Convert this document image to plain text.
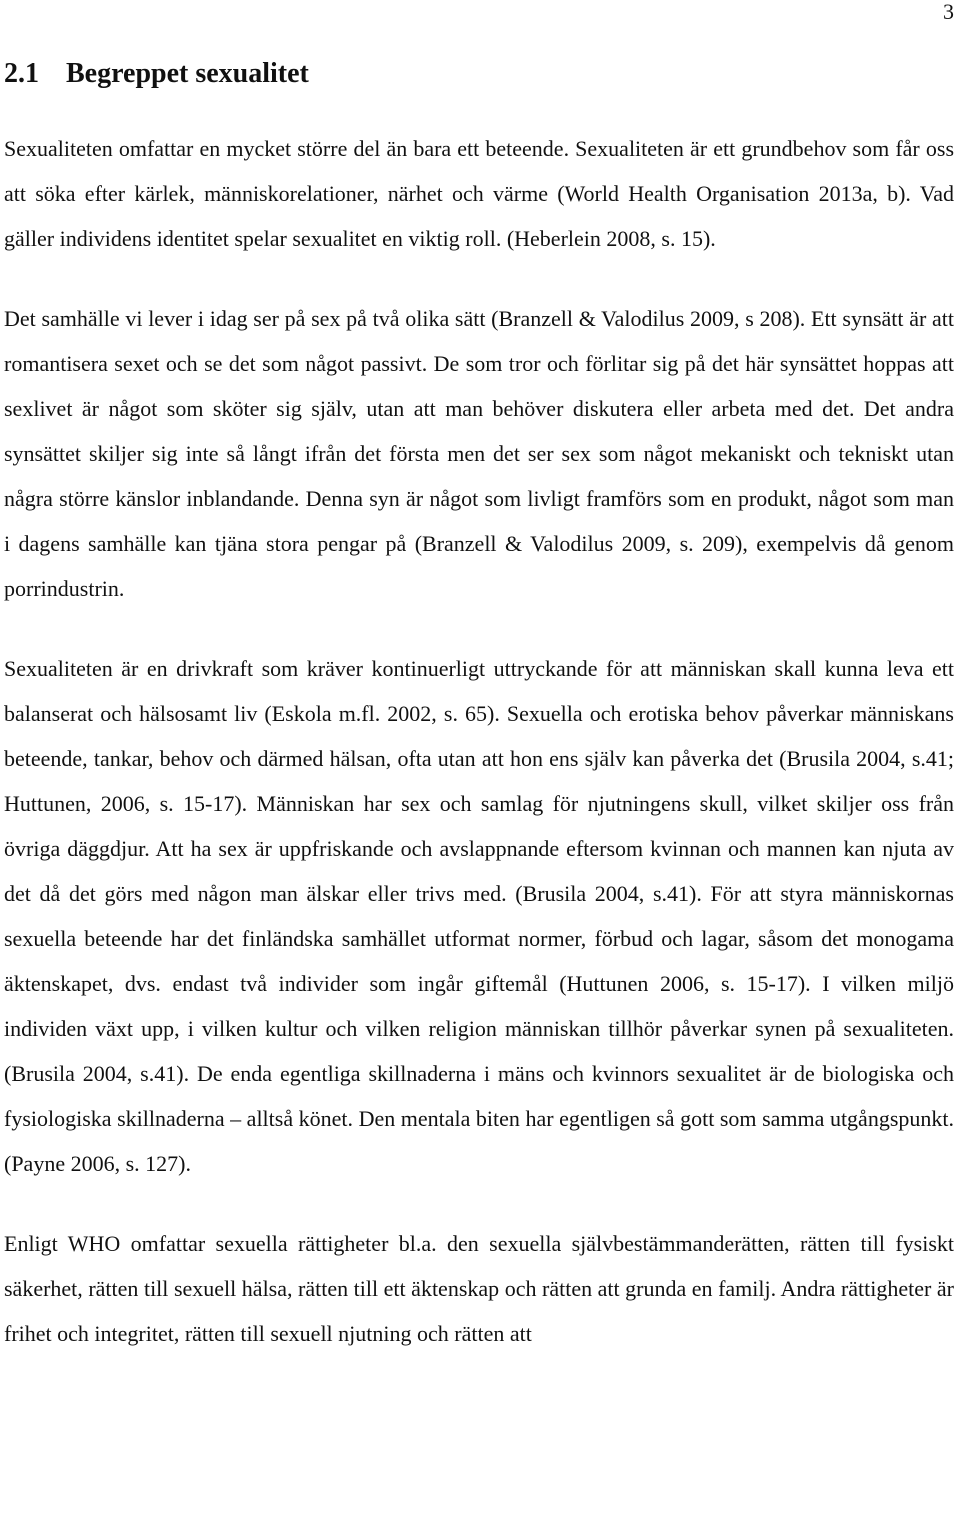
3
2.1 Begreppet sexualitet

Sexualiteten omfattar en mycket större del än bara ett beteende. Sexualiteten är ett grundbehov som får oss att söka efter kärlek, människorelationer, närhet och värme (World Health Organisation 2013a, b). Vad gäller individens identitet spelar sexualitet en viktig roll. (Heberlein 2008, s. 15).

Det samhälle vi lever i idag ser på sex på två olika sätt (Branzell & Valodilus 2009, s 208). Ett synsätt är att romantisera sexet och se det som något passivt. De som tror och förlitar sig på det här synsättet hoppas att sexlivet är något som sköter sig själv, utan att man behöver diskutera eller arbeta med det. Det andra synsättet skiljer sig inte så långt ifrån det första men det ser sex som något mekaniskt och tekniskt utan några större känslor inblandande. Denna syn är något som livligt framförs som en produkt, något som man i dagens samhälle kan tjäna stora pengar på (Branzell & Valodilus 2009, s. 209), exempelvis då genom porrindustrin.

Sexualiteten är en drivkraft som kräver kontinuerligt uttryckande för att människan skall kunna leva ett balanserat och hälsosamt liv (Eskola m.fl. 2002, s. 65). Sexuella och erotiska behov påverkar människans beteende, tankar, behov och därmed hälsan, ofta utan att hon ens själv kan påverka det (Brusila 2004, s.41; Huttunen, 2006, s. 15-17). Människan har sex och samlag för njutningens skull, vilket skiljer oss från övriga däggdjur. Att ha sex är uppfriskande och avslappnande eftersom kvinnan och mannen kan njuta av det då det görs med någon man älskar eller trivs med. (Brusila 2004, s.41). För att styra människornas sexuella beteende har det finländska samhället utformat normer, förbud och lagar, såsom det monogama äktenskapet, dvs. endast två individer som ingår giftemål (Huttunen 2006, s. 15-17). I vilken miljö individen växt upp, i vilken kultur och vilken religion människan tillhör påverkar synen på sexualiteten. (Brusila 2004, s.41). De enda egentliga skillnaderna i mäns och kvinnors sexualitet är de biologiska och fysiologiska skillnaderna – alltså könet. Den mentala biten har egentligen så gott som samma utgångspunkt. (Payne 2006, s. 127).

Enligt WHO omfattar sexuella rättigheter bl.a. den sexuella självbestämmanderätten, rätten till fysiskt säkerhet, rätten till sexuell hälsa, rätten till ett äktenskap och rätten att grunda en familj. Andra rättigheter är frihet och integritet, rätten till sexuell njutning och rätten att
